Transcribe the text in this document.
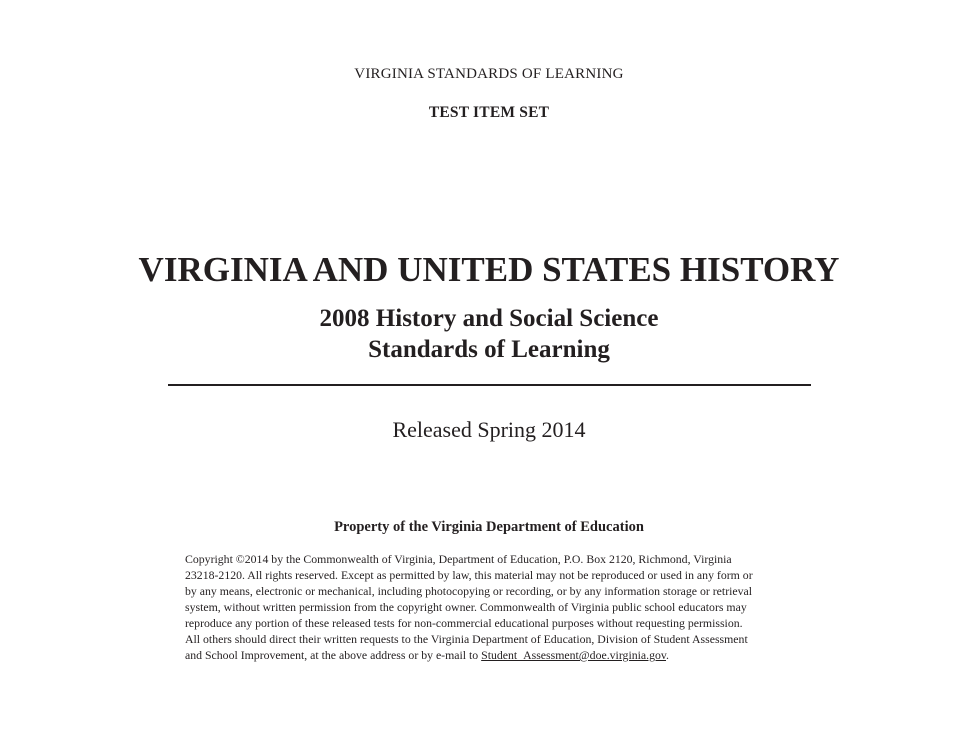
VIRGINIA STANDARDS OF LEARNING
TEST ITEM SET
VIRGINIA AND UNITED STATES HISTORY
2008 History and Social Science
Standards of Learning
Released Spring 2014
Property of the Virginia Department of Education
Copyright ©2014 by the Commonwealth of Virginia, Department of Education, P.O. Box 2120, Richmond, Virginia
23218-2120. All rights reserved. Except as permitted by law, this material may not be reproduced or used in any form or
by any means, electronic or mechanical, including photocopying or recording, or by any information storage or retrieval
system, without written permission from the copyright owner. Commonwealth of Virginia public school educators may
reproduce any portion of these released tests for non-commercial educational purposes without requesting permission.
All others should direct their written requests to the Virginia Department of Education, Division of Student Assessment
and School Improvement, at the above address or by e-mail to Student_Assessment@doe.virginia.gov.
